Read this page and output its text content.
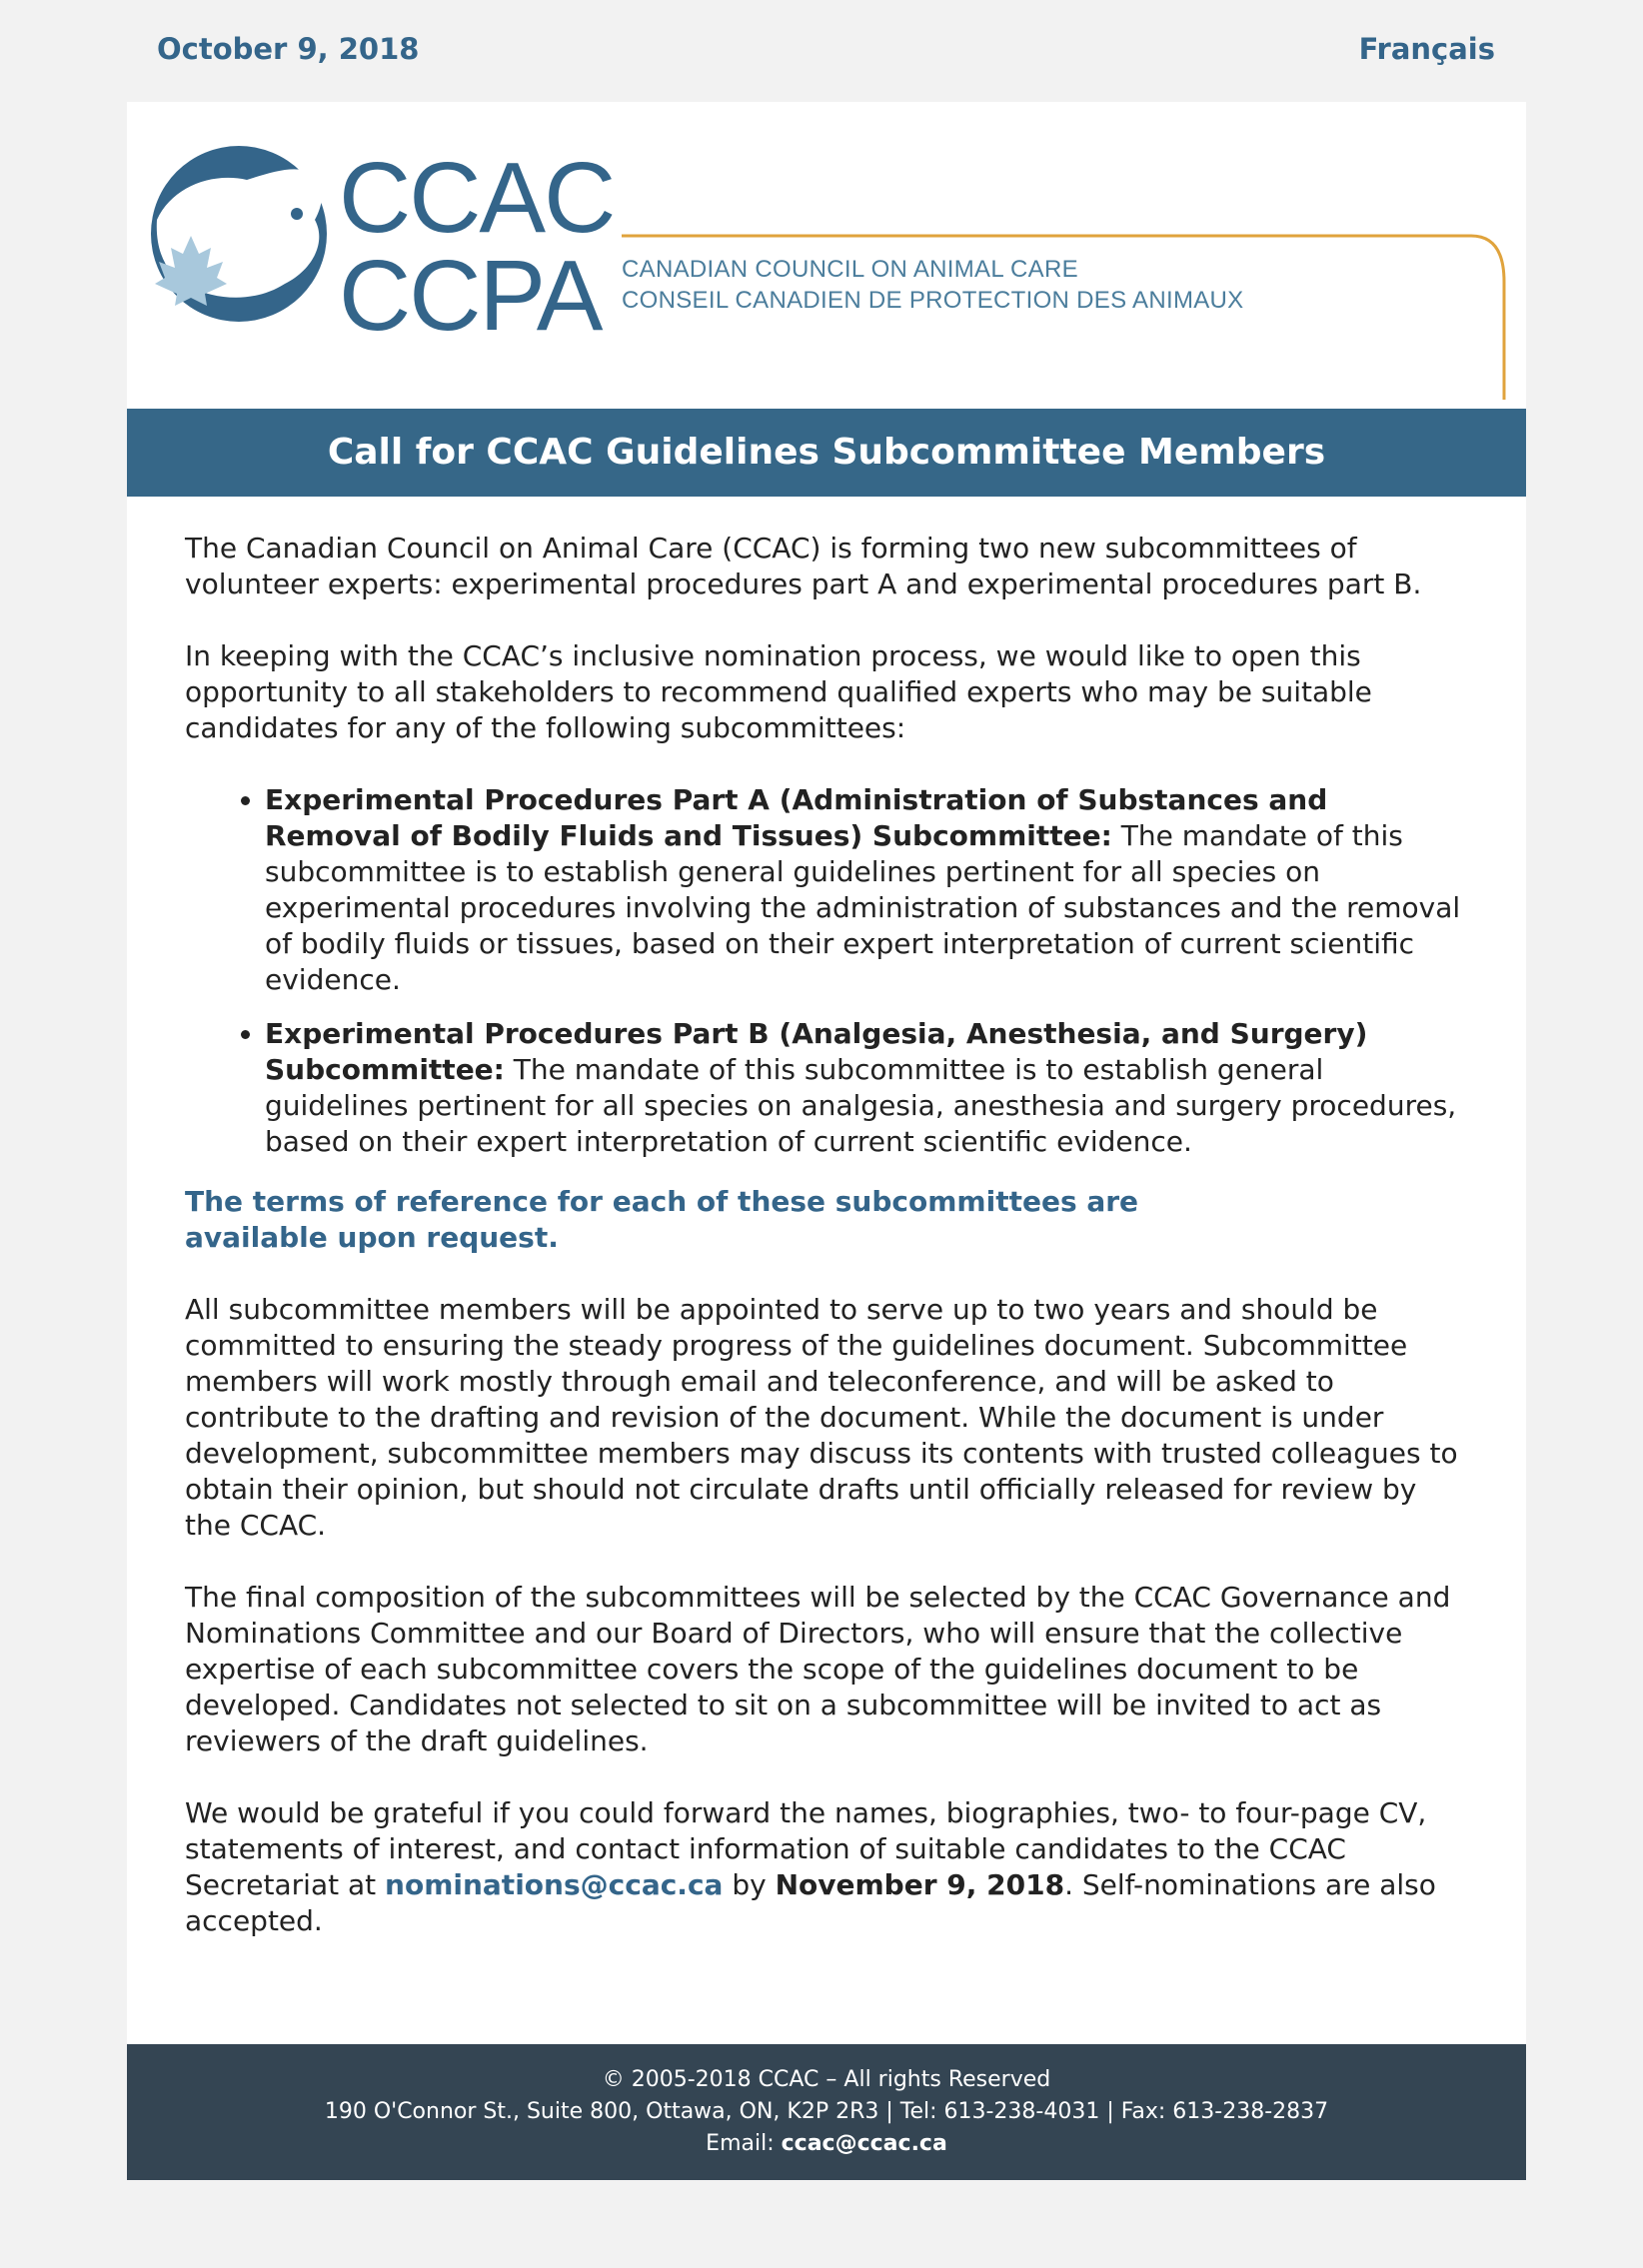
October 9, 2018	Français
CCAC
CCPA CANADIAN COUNCIL ON ANIMAL CARE
CONSEIL CANADIEN DE PROTECTION DES ANIMAUX
Call for CCAC Guidelines Subcommittee Members

The Canadian Council on Animal Care (CCAC) is forming two new subcommittees of volunteer experts: experimental procedures part A and experimental procedures part B.

In keeping with the CCAC’s inclusive nomination process, we would like to open this opportunity to all stakeholders to recommend qualified experts who may be suitable candidates for any of the following subcommittees:

• Experimental Procedures Part A (Administration of Substances and Removal of Bodily Fluids and Tissues) Subcommittee: The mandate of this subcommittee is to establish general guidelines pertinent for all species on experimental procedures involving the administration of substances and the removal of bodily fluids or tissues, based on their expert interpretation of current scientific evidence.
• Experimental Procedures Part B (Analgesia, Anesthesia, and Surgery) Subcommittee: The mandate of this subcommittee is to establish general guidelines pertinent for all species on analgesia, anesthesia and surgery procedures, based on their expert interpretation of current scientific evidence.

The terms of reference for each of these subcommittees are available upon request.

All subcommittee members will be appointed to serve up to two years and should be committed to ensuring the steady progress of the guidelines document. Subcommittee members will work mostly through email and teleconference, and will be asked to contribute to the drafting and revision of the document. While the document is under development, subcommittee members may discuss its contents with trusted colleagues to obtain their opinion, but should not circulate drafts until officially released for review by the CCAC.

The final composition of the subcommittees will be selected by the CCAC Governance and Nominations Committee and our Board of Directors, who will ensure that the collective expertise of each subcommittee covers the scope of the guidelines document to be developed. Candidates not selected to sit on a subcommittee will be invited to act as reviewers of the draft guidelines.

We would be grateful if you could forward the names, biographies, two- to four-page CV, statements of interest, and contact information of suitable candidates to the CCAC Secretariat at nominations@ccac.ca by November 9, 2018. Self-nominations are also accepted.

© 2005-2018 CCAC – All rights Reserved
190 O'Connor St., Suite 800, Ottawa, ON, K2P 2R3 | Tel: 613-238-4031 | Fax: 613-238-2837
Email: ccac@ccac.ca
